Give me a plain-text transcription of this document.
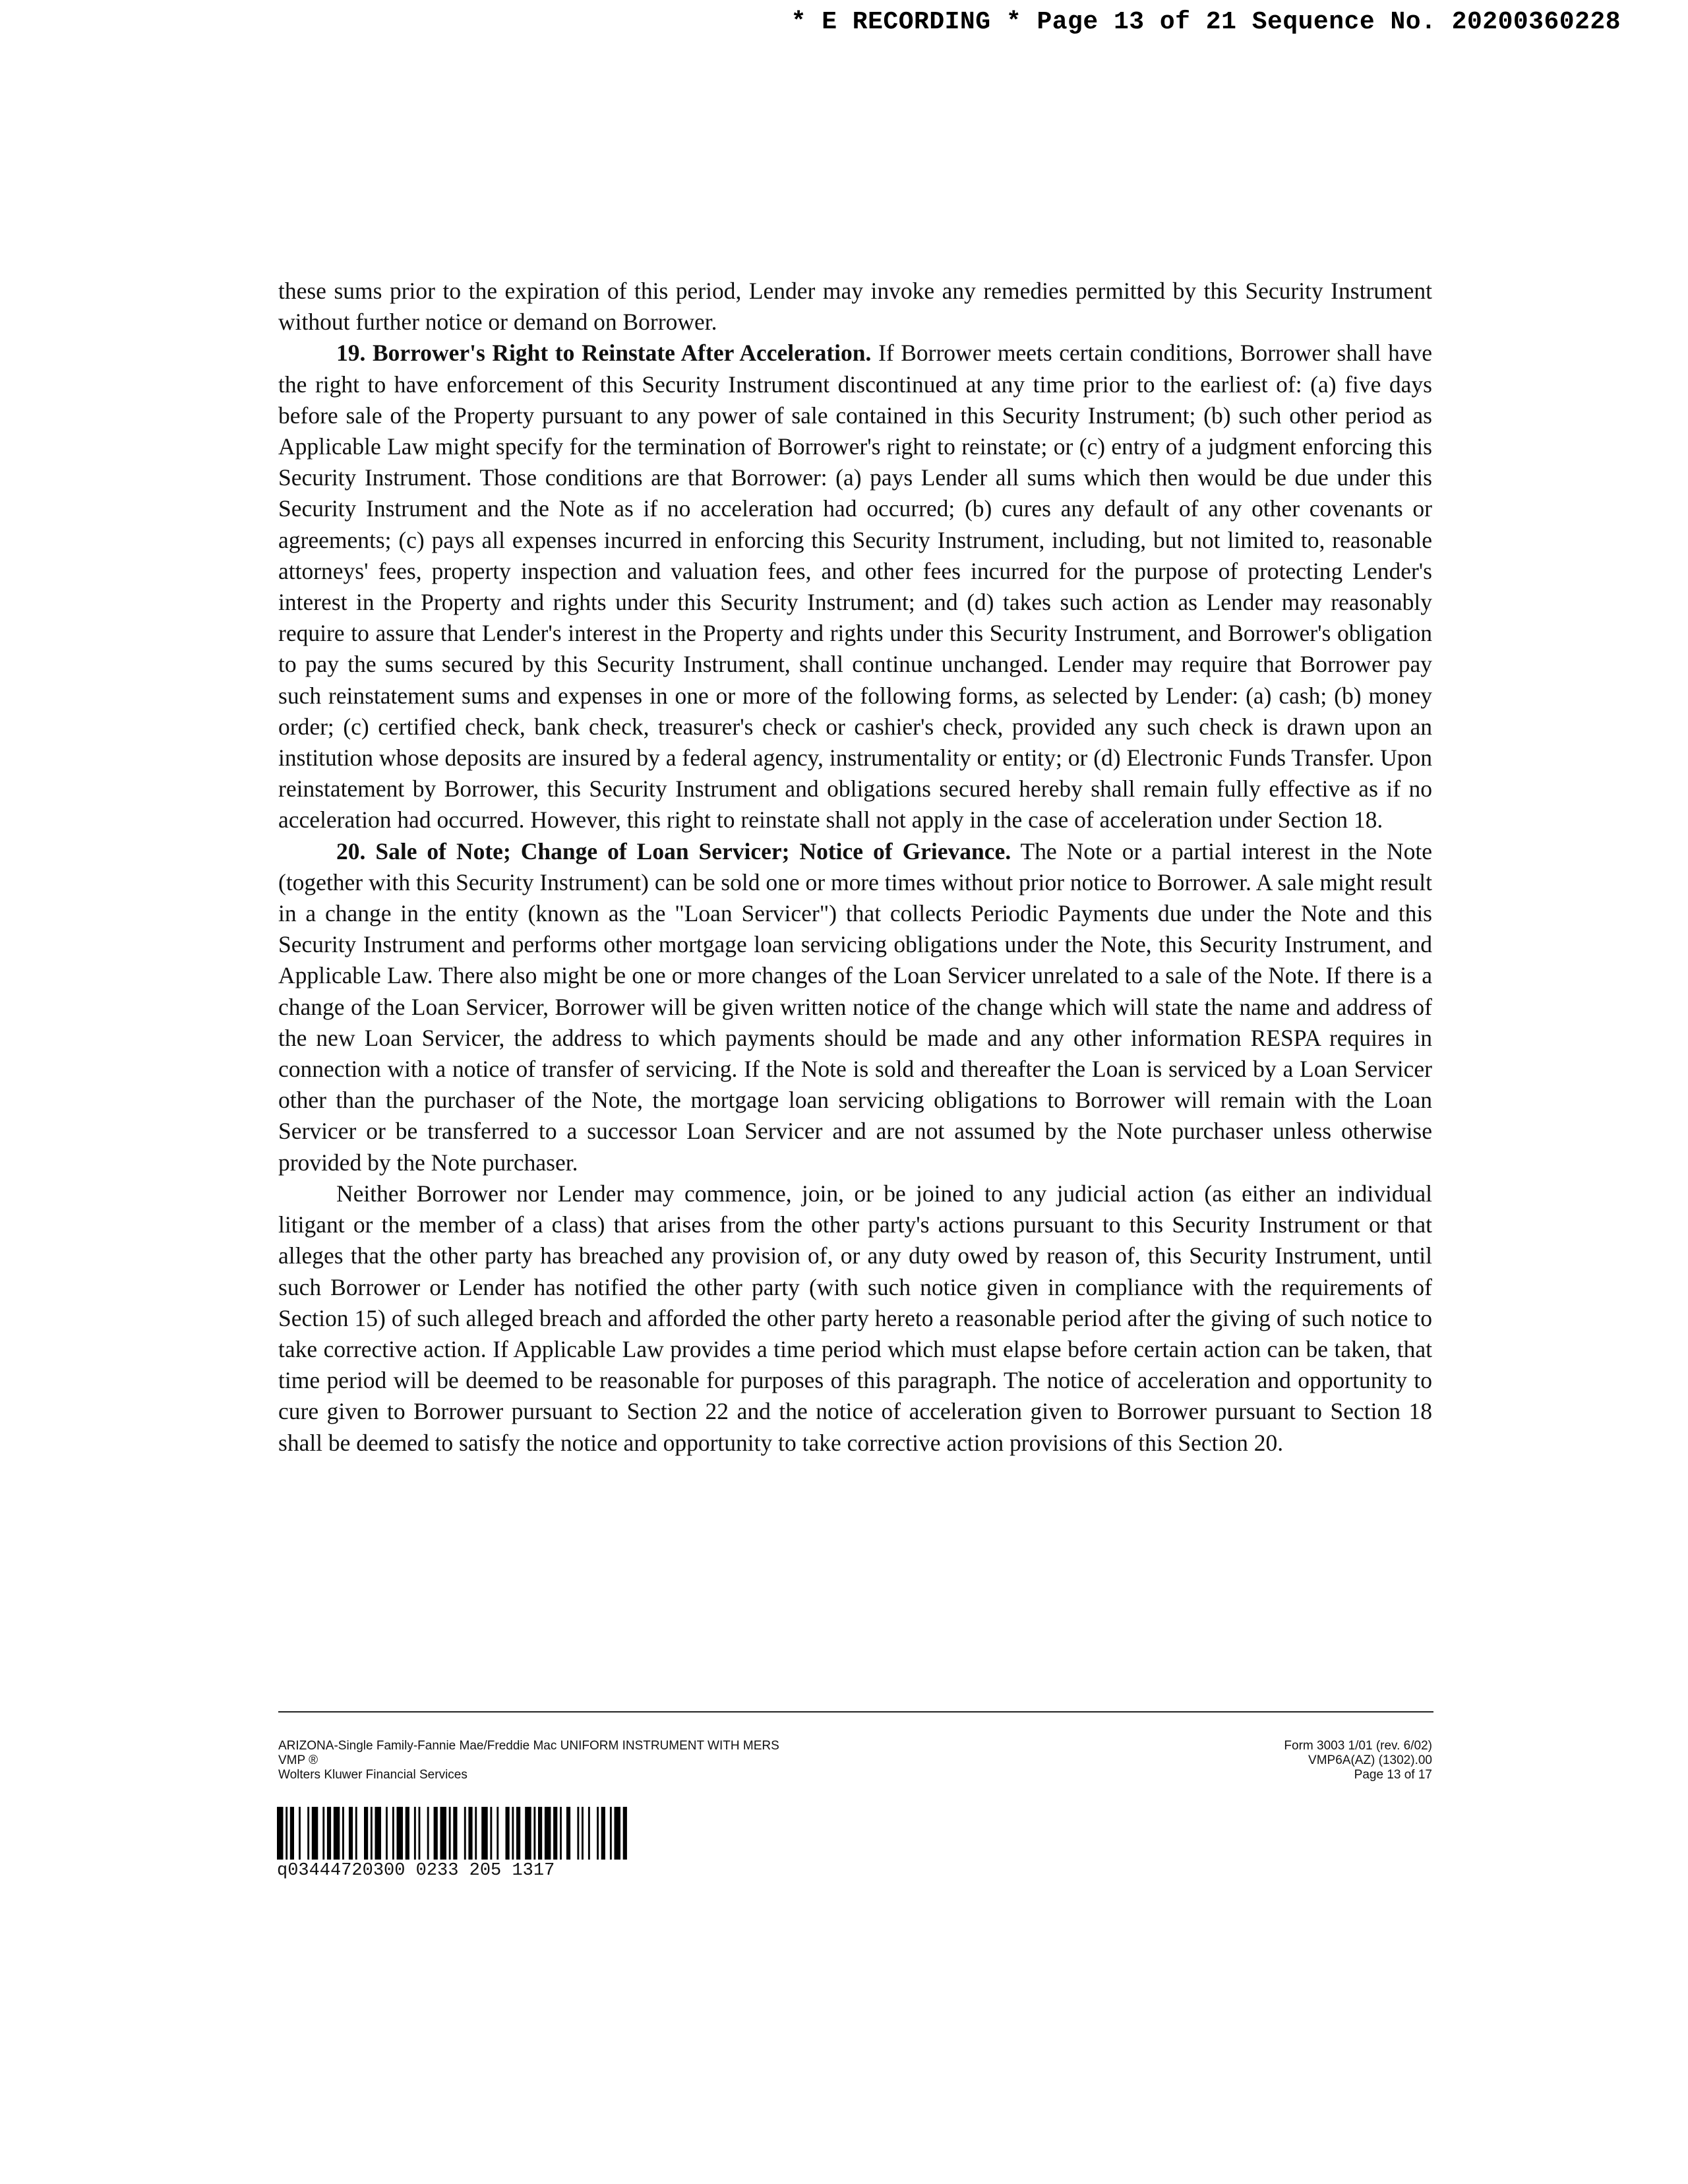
* E RECORDING * Page 13 of 21 Sequence No. 20200360228

these sums prior to the expiration of this period, Lender may invoke any remedies permitted by this Security Instrument without further notice or demand on Borrower.

19. Borrower's Right to Reinstate After Acceleration. If Borrower meets certain conditions, Borrower shall have the right to have enforcement of this Security Instrument discontinued at any time prior to the earliest of: (a) five days before sale of the Property pursuant to any power of sale contained in this Security Instrument; (b) such other period as Applicable Law might specify for the termination of Borrower's right to reinstate; or (c) entry of a judgment enforcing this Security Instrument. Those conditions are that Borrower: (a) pays Lender all sums which then would be due under this Security Instrument and the Note as if no acceleration had occurred; (b) cures any default of any other covenants or agreements; (c) pays all expenses incurred in enforcing this Security Instrument, including, but not limited to, reasonable attorneys' fees, property inspection and valuation fees, and other fees incurred for the purpose of protecting Lender's interest in the Property and rights under this Security Instrument; and (d) takes such action as Lender may reasonably require to assure that Lender's interest in the Property and rights under this Security Instrument, and Borrower's obligation to pay the sums secured by this Security Instrument, shall continue unchanged. Lender may require that Borrower pay such reinstatement sums and expenses in one or more of the following forms, as selected by Lender: (a) cash; (b) money order; (c) certified check, bank check, treasurer's check or cashier's check, provided any such check is drawn upon an institution whose deposits are insured by a federal agency, instrumentality or entity; or (d) Electronic Funds Transfer. Upon reinstatement by Borrower, this Security Instrument and obligations secured hereby shall remain fully effective as if no acceleration had occurred. However, this right to reinstate shall not apply in the case of acceleration under Section 18.

20. Sale of Note; Change of Loan Servicer; Notice of Grievance. The Note or a partial interest in the Note (together with this Security Instrument) can be sold one or more times without prior notice to Borrower. A sale might result in a change in the entity (known as the "Loan Servicer") that collects Periodic Payments due under the Note and this Security Instrument and performs other mortgage loan servicing obligations under the Note, this Security Instrument, and Applicable Law. There also might be one or more changes of the Loan Servicer unrelated to a sale of the Note. If there is a change of the Loan Servicer, Borrower will be given written notice of the change which will state the name and address of the new Loan Servicer, the address to which payments should be made and any other information RESPA requires in connection with a notice of transfer of servicing. If the Note is sold and thereafter the Loan is serviced by a Loan Servicer other than the purchaser of the Note, the mortgage loan servicing obligations to Borrower will remain with the Loan Servicer or be transferred to a successor Loan Servicer and are not assumed by the Note purchaser unless otherwise provided by the Note purchaser.

Neither Borrower nor Lender may commence, join, or be joined to any judicial action (as either an individual litigant or the member of a class) that arises from the other party's actions pursuant to this Security Instrument or that alleges that the other party has breached any provision of, or any duty owed by reason of, this Security Instrument, until such Borrower or Lender has notified the other party (with such notice given in compliance with the requirements of Section 15) of such alleged breach and afforded the other party hereto a reasonable period after the giving of such notice to take corrective action. If Applicable Law provides a time period which must elapse before certain action can be taken, that time period will be deemed to be reasonable for purposes of this paragraph. The notice of acceleration and opportunity to cure given to Borrower pursuant to Section 22 and the notice of acceleration given to Borrower pursuant to Section 18 shall be deemed to satisfy the notice and opportunity to take corrective action provisions of this Section 20.

ARIZONA-Single Family-Fannie Mae/Freddie Mac UNIFORM INSTRUMENT WITH MERS
VMP ®
Wolters Kluwer Financial Services
Form 3003 1/01 (rev. 6/02)
VMP6A(AZ) (1302).00
Page 13 of 17
q03444720300 0233 205 1317
